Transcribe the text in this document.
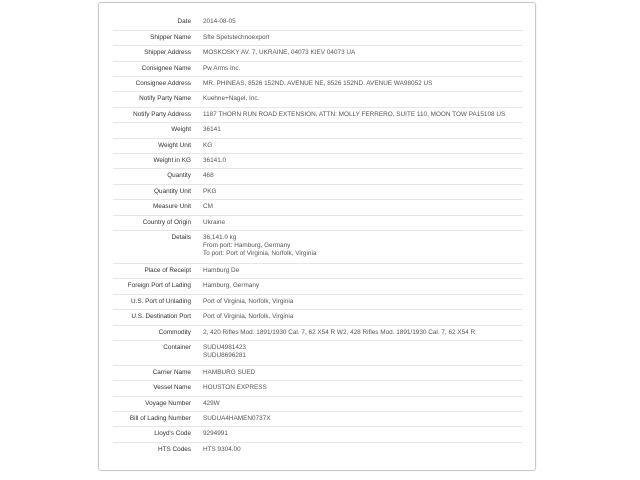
Date	2014-08-05
Shipper Name	Sfte Spetstechnoexport
Shipper Address	MOSKOSKY AV. 7, UKRAINE, 04073 KIEV 04073 UA
Consignee Name	Pw Arms Inc.
Consignee Address	MR. PHINEAS, 8526 152ND. AVENUE NE, 8526 152ND. AVENUE WA98052 US
Notify Party Name	Kuehne+Nagel, Inc.
Notify Party Address	1187 THORN RUN ROAD EXTENSION, ATTN: MOLLY FERRERO, SUITE 110, MOON TOW PA15108 US
Weight	36141
Weight Unit	KG
Weight in KG	36141.0
Quantity	468
Quantity Unit	PKG
Measure Unit	CM
Country of Origin	Ukraine
Details	36,141.0 kg
From port: Hamburg, Germany
To port: Port of Virginia, Norfolk, Virginia

Place of Receipt	Hamburg De
Foreign Port of Lading	Hamburg, Germany
U.S. Port of Unlading	Port of Virginia, Norfolk, Virginia
U.S. Destination Port	Port of Virginia, Norfolk, Virginia
Commodity	2, 420 Rifles Mod. 1891/1930 Cal. 7, 62 X54 R W2, 428 Rifles Mod. 1891/1930 Cal. 7, 62 X54 R
Container	SUDU4981423
SUDU8696281

Carrier Name	HAMBURG SUED
Vessel Name	HOUSTON EXPRESS
Voyage Number	429W
Bill of Lading Number	SUDUA4HAMEN0737X
Lloyd's Code	9294991
HTS Codes	HTS 9304.00
